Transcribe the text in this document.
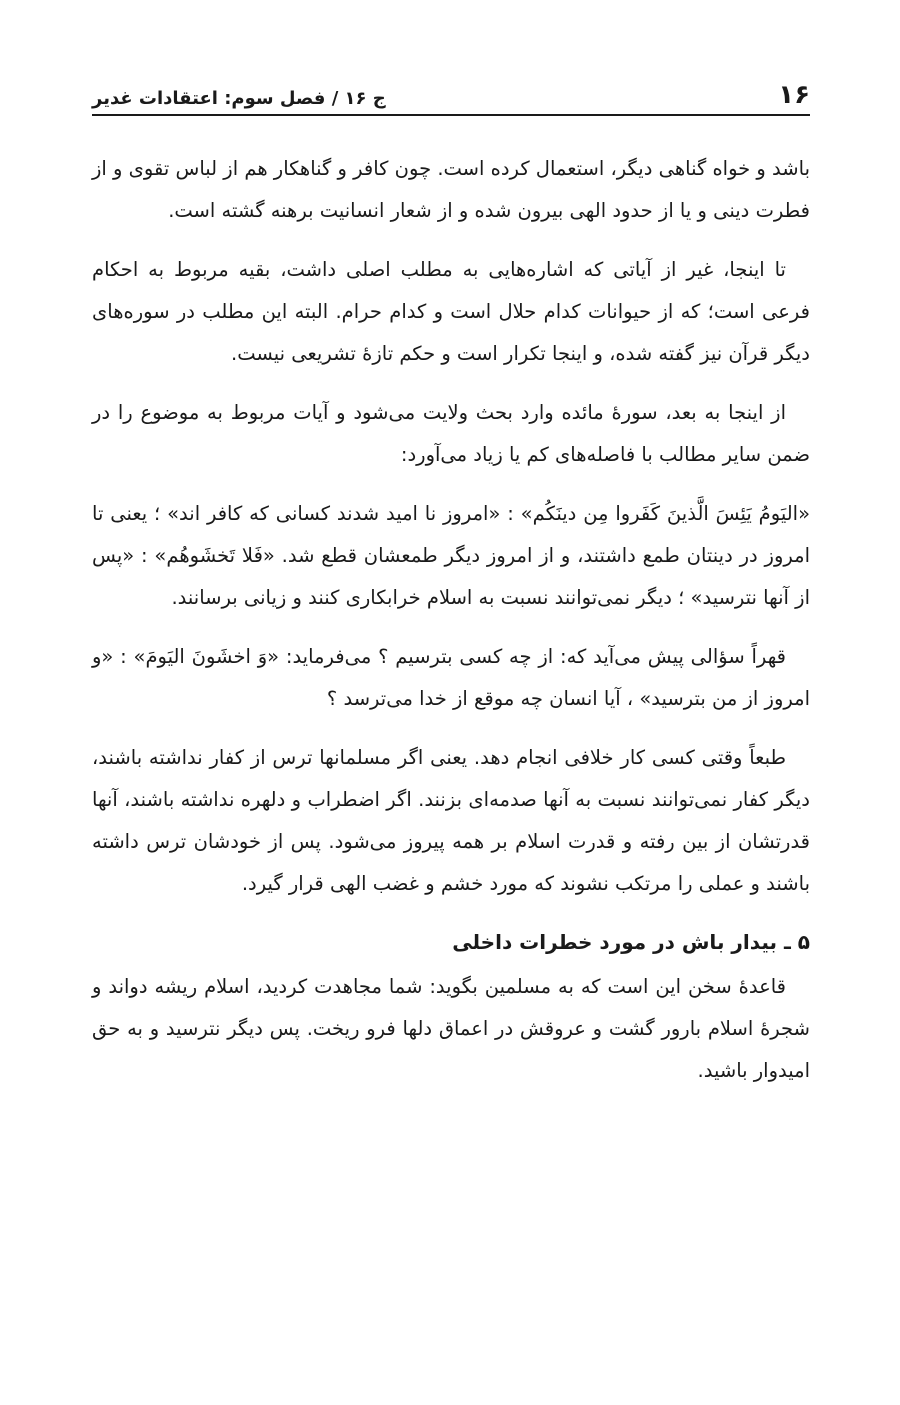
۱۶
ج ۱۶ / فصل سوم: اعتقادات غدیر

باشد و خواه گناهی دیگر، استعمال کرده است. چون کافر و گناهکار هم از لباس تقوی و از فطرت دینی و یا از حدود الهی بیرون شده و از شعار انسانیت برهنه گشته است.

تا اینجا، غیر از آیاتی که اشاره‌هایی به مطلب اصلی داشت، بقیه مربوط به احکام فرعی است؛ که از حیوانات کدام حلال است و کدام حرام. البته این مطلب در سوره‌های دیگر قرآن نیز گفته شده، و اینجا تکرار است و حکم تازهٔ تشریعی نیست.

از اینجا به بعد، سورهٔ مائده وارد بحث ولایت می‌شود و آیات مربوط به موضوع را در ضمن سایر مطالب با فاصله‌های کم یا زیاد می‌آورد:

«الیَومُ یَئِسَ الَّذینَ کَفَروا مِن دینَکُم» : «امروز نا امید شدند کسانی که کافر اند» ؛ یعنی تا امروز در دینتان طمع داشتند، و از امروز دیگر طمعشان قطع شد. «فَلا تَخشَوهُم» : «پس از آنها نترسید» ؛ دیگر نمی‌توانند نسبت به اسلام خرابکاری کنند و زیانی برسانند.

قهراً سؤالی پیش می‌آید که: از چه کسی بترسیم ؟ می‌فرماید: «وَ اخشَونَ الیَومَ» : «و امروز از من بترسید» ، آیا انسان چه موقع از خدا می‌ترسد ؟

طبعاً وقتی کسی کار خلافی انجام دهد. یعنی اگر مسلمانها ترس از کفار نداشته باشند، دیگر کفار نمی‌توانند نسبت به آنها صدمه‌ای بزنند. اگر اضطراب و دلهره نداشته باشند، آنها قدرتشان از بین رفته و قدرت اسلام بر همه پیروز می‌شود. پس از خودشان ترس داشته باشند و عملی را مرتکب نشوند که مورد خشم و غضب الهی قرار گیرد.

۵ ـ بیدار باش در مورد خطرات داخلی

قاعدهٔ سخن این است که به مسلمین بگوید: شما مجاهدت کردید، اسلام ریشه دواند و شجرهٔ اسلام بارور گشت و عروقش در اعماق دلها فرو ریخت. پس دیگر نترسید و به حق امیدوار باشید.
